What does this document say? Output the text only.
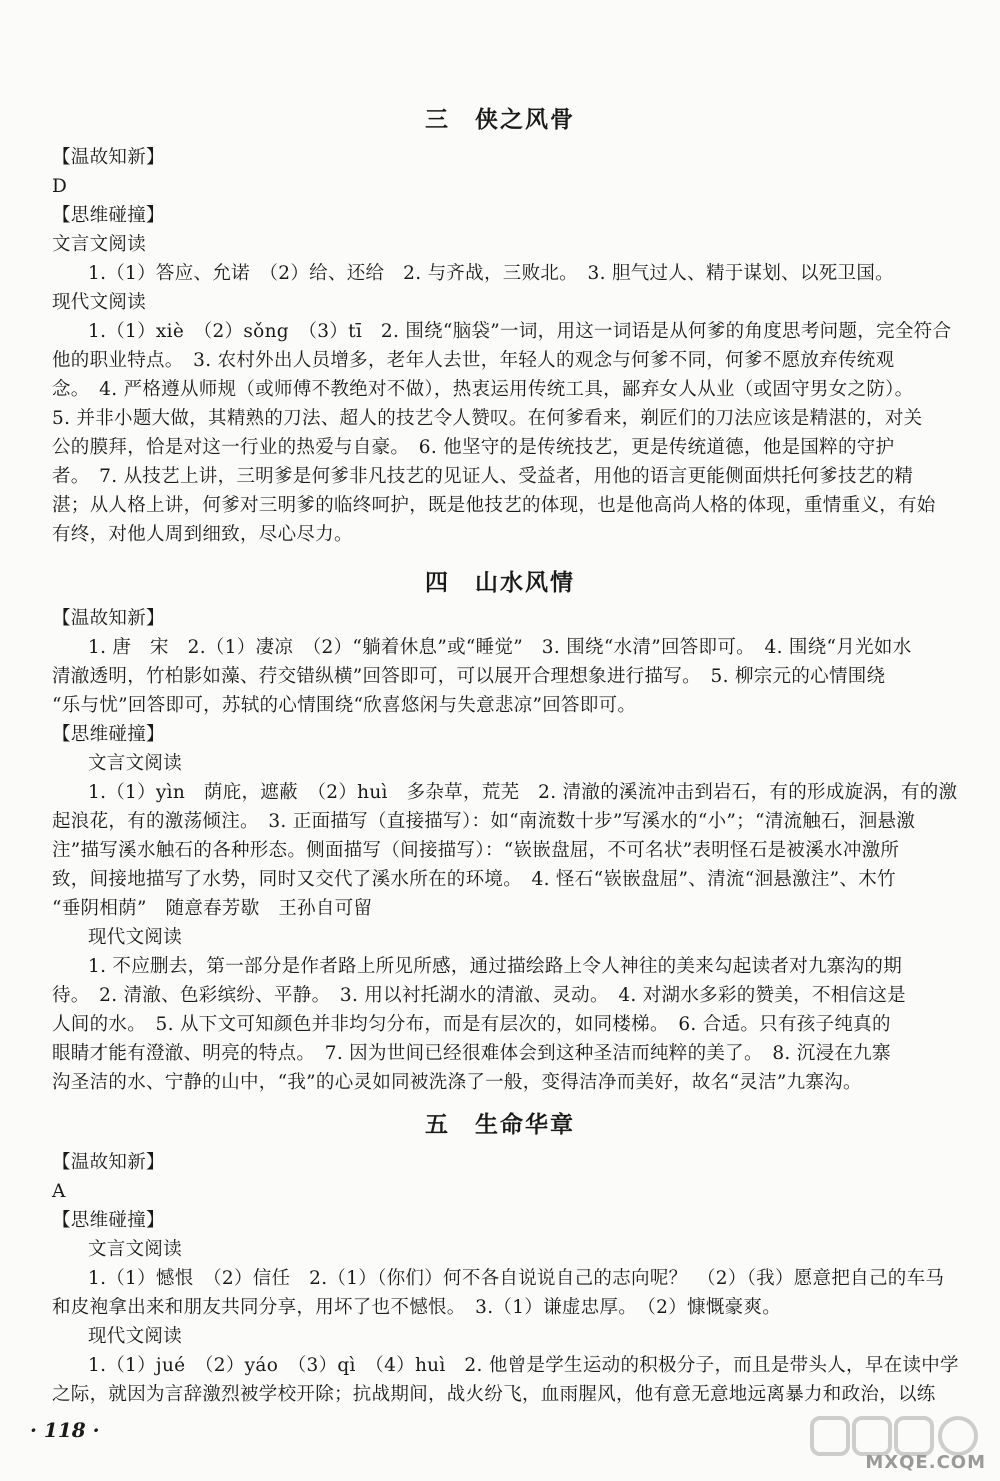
三　侠之风骨
【温故知新】
D
【思维碰撞】
文言文阅读
1.（1）答应、允诺　（2）给、还给　2. 与齐战，三败北。　3. 胆气过人、精于谋划、以死卫国。
现代文阅读
1.（1）xiè　（2）sǒng　（3）tī　2. 围绕“脑袋”一词，用这一词语是从何爹的角度思考问题，完全符合
他的职业特点。　3. 农村外出人员增多，老年人去世，年轻人的观念与何爹不同，何爹不愿放弃传统观
念。　4. 严格遵从师规（或师傅不教绝对不做），热衷运用传统工具，鄙弃女人从业（或固守男女之防）。
5. 并非小题大做，其精熟的刀法、超人的技艺令人赞叹。在何爹看来，剃匠们的刀法应该是精湛的，对关
公的膜拜，恰是对这一行业的热爱与自豪。　6. 他坚守的是传统技艺，更是传统道德，他是国粹的守护
者。　7. 从技艺上讲，三明爹是何爹非凡技艺的见证人、受益者，用他的语言更能侧面烘托何爹技艺的精
湛；从人格上讲，何爹对三明爹的临终呵护，既是他技艺的体现，也是他高尚人格的体现，重情重义，有始
有终，对他人周到细致，尽心尽力。
四　山水风情
【温故知新】
1. 唐　宋　2.（1）凄凉　（2）“躺着休息”或“睡觉”　3. 围绕“水清”回答即可。　4. 围绕“月光如水
清澈透明，竹柏影如藻、荇交错纵横”回答即可，可以展开合理想象进行描写。　5. 柳宗元的心情围绕
“乐与忧”回答即可，苏轼的心情围绕“欣喜悠闲与失意悲凉”回答即可。
【思维碰撞】
文言文阅读
1.（1）yìn　荫庇，遮蔽　（2）huì　多杂草，荒芜　2. 清澈的溪流冲击到岩石，有的形成旋涡，有的激
起浪花，有的激荡倾注。　3. 正面描写（直接描写）：如“南流数十步”写溪水的“小”；“清流触石，洄悬激
注”描写溪水触石的各种形态。侧面描写（间接描写）：“嵚嵌盘屈，不可名状”表明怪石是被溪水冲激所
致，间接地描写了水势，同时又交代了溪水所在的环境。　4. 怪石“嵚嵌盘屈”、清流“洄悬激注”、木竹
“垂阴相荫”　随意春芳歇　王孙自可留
现代文阅读
1. 不应删去，第一部分是作者路上所见所感，通过描绘路上令人神往的美来勾起读者对九寨沟的期
待。　2. 清澈、色彩缤纷、平静。　3. 用以衬托湖水的清澈、灵动。　4. 对湖水多彩的赞美，不相信这是
人间的水。　5. 从下文可知颜色并非均匀分布，而是有层次的，如同楼梯。　6. 合适。只有孩子纯真的
眼睛才能有澄澈、明亮的特点。　7. 因为世间已经很难体会到这种圣洁而纯粹的美了。　8. 沉浸在九寨
沟圣洁的水、宁静的山中，“我”的心灵如同被洗涤了一般，变得洁净而美好，故名“灵洁”九寨沟。
五　生命华章
【温故知新】
A
【思维碰撞】
文言文阅读
1.（1）憾恨　（2）信任　2.（1）（你们）何不各自说说自己的志向呢？　（2）（我）愿意把自己的车马
和皮袍拿出来和朋友共同分享，用坏了也不憾恨。　3.（1）谦虚忠厚。　（2）慷慨豪爽。
现代文阅读
1.（1）jué　（2）yáo　（3）qì　（4）huì　2. 他曾是学生运动的积极分子，而且是带头人，早在读中学
之际，就因为言辞激烈被学校开除；抗战期间，战火纷飞，血雨腥风，他有意无意地远离暴力和政治，以练
· 118 ·
MXQE.COM
